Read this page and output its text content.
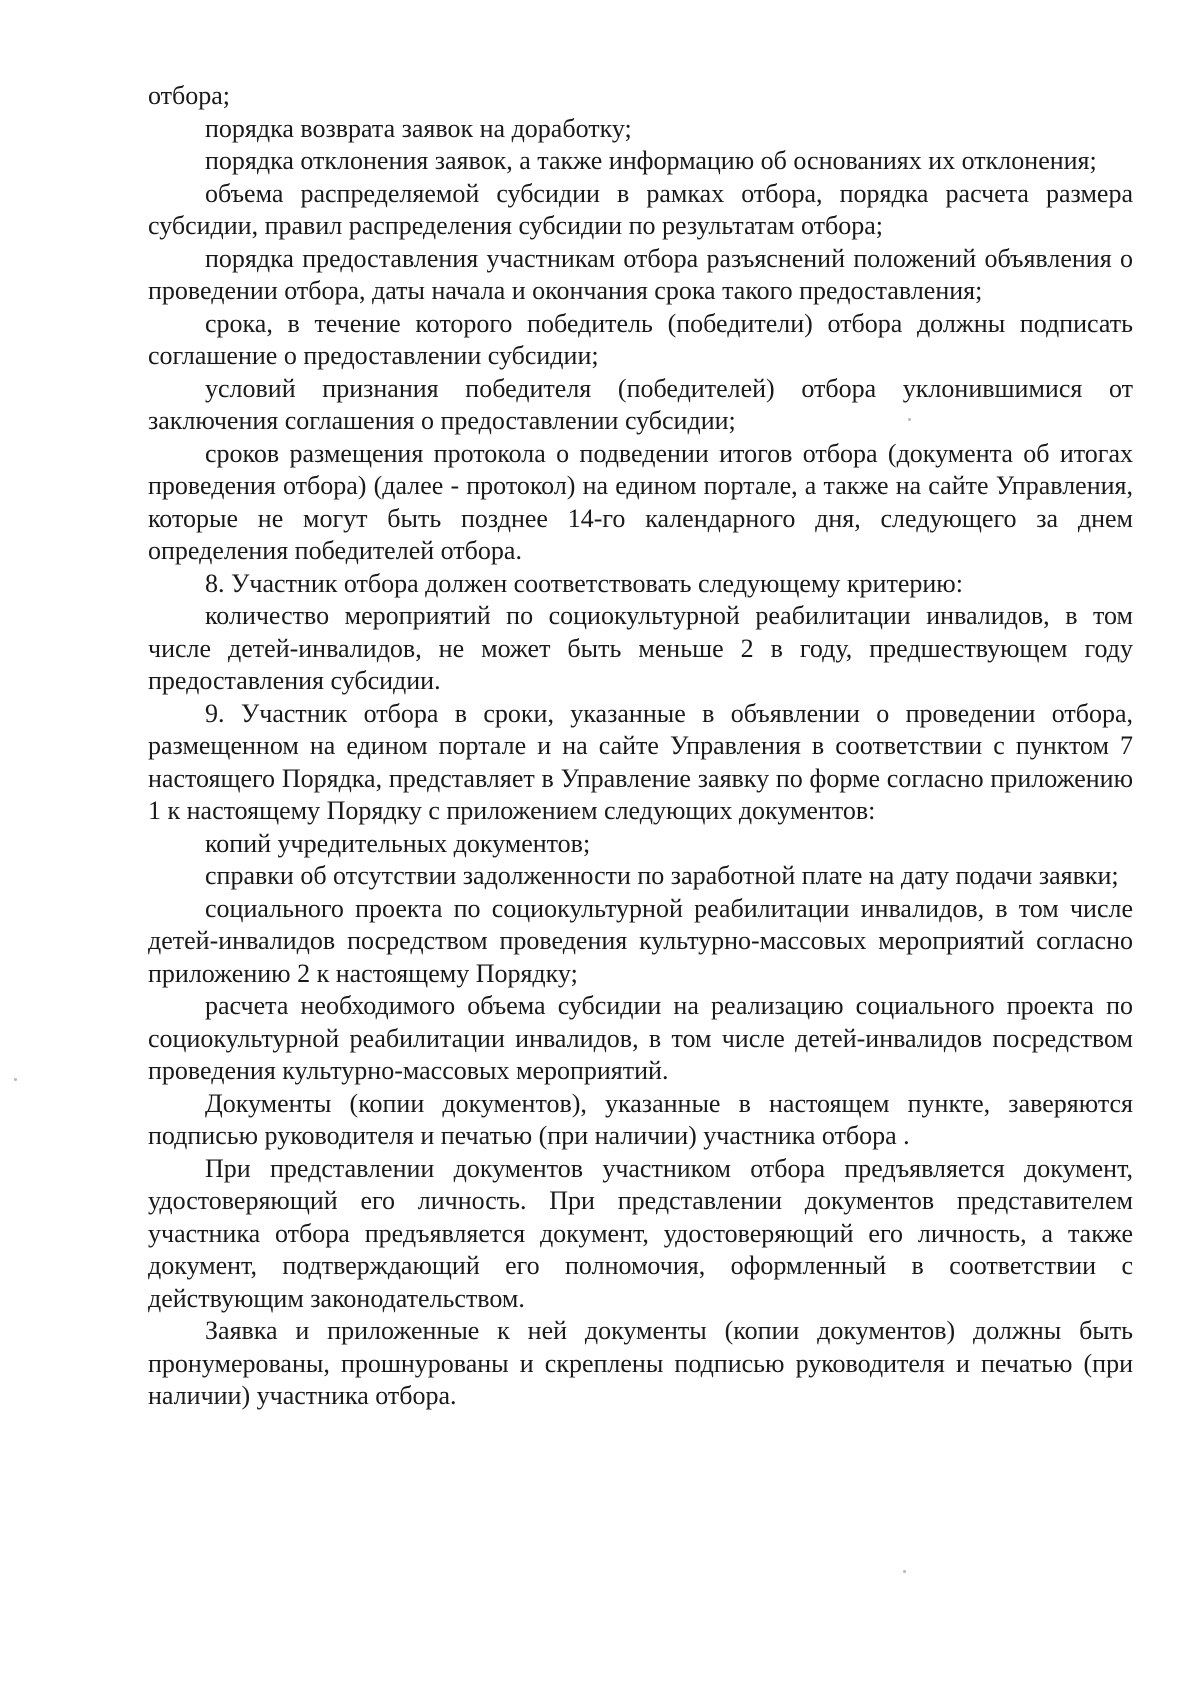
отбора;

порядка возврата заявок на доработку;

порядка отклонения заявок, а также информацию об основаниях их отклонения;

объема распределяемой субсидии в рамках отбора, порядка расчета размера субсидии, правил распределения субсидии по результатам отбора;

порядка предоставления участникам отбора разъяснений положений объявления о проведении отбора, даты начала и окончания срока такого предоставления;

срока, в течение которого победитель (победители) отбора должны подписать соглашение о предоставлении субсидии;

условий признания победителя (победителей) отбора уклонившимися от заключения соглашения о предоставлении субсидии;

сроков размещения протокола о подведении итогов отбора (документа об итогах проведения отбора) (далее - протокол) на едином портале, а также на сайте Управления, которые не могут быть позднее 14-го календарного дня, следующего за днем определения победителей отбора.

8. Участник отбора должен соответствовать следующему критерию:

количество мероприятий по социокультурной реабилитации инвалидов, в том числе детей-инвалидов, не может быть меньше 2 в году, предшествующем году предоставления субсидии.

9. Участник отбора в сроки, указанные в объявлении о проведении отбора, размещенном на едином портале и на сайте Управления в соответствии с пунктом 7 настоящего Порядка, представляет в Управление заявку по форме согласно приложению 1 к настоящему Порядку с приложением следующих документов:

копий учредительных документов;

справки об отсутствии задолженности по заработной плате на дату подачи заявки;

социального проекта по социокультурной реабилитации инвалидов, в том числе детей-инвалидов посредством проведения культурно-массовых мероприятий согласно приложению 2 к настоящему Порядку;

расчета необходимого объема субсидии на реализацию социального проекта по социокультурной реабилитации инвалидов, в том числе детей-инвалидов посредством проведения культурно-массовых мероприятий.

Документы (копии документов), указанные в настоящем пункте, заверяются подписью руководителя и печатью (при наличии) участника отбора .

При представлении документов участником отбора предъявляется документ, удостоверяющий его личность. При представлении документов представителем участника отбора предъявляется документ, удостоверяющий его личность, а также документ, подтверждающий его полномочия, оформленный в соответствии с действующим законодательством.

Заявка и приложенные к ней документы (копии документов) должны быть пронумерованы, прошнурованы и скреплены подписью руководителя и печатью (при наличии) участника отбора.
